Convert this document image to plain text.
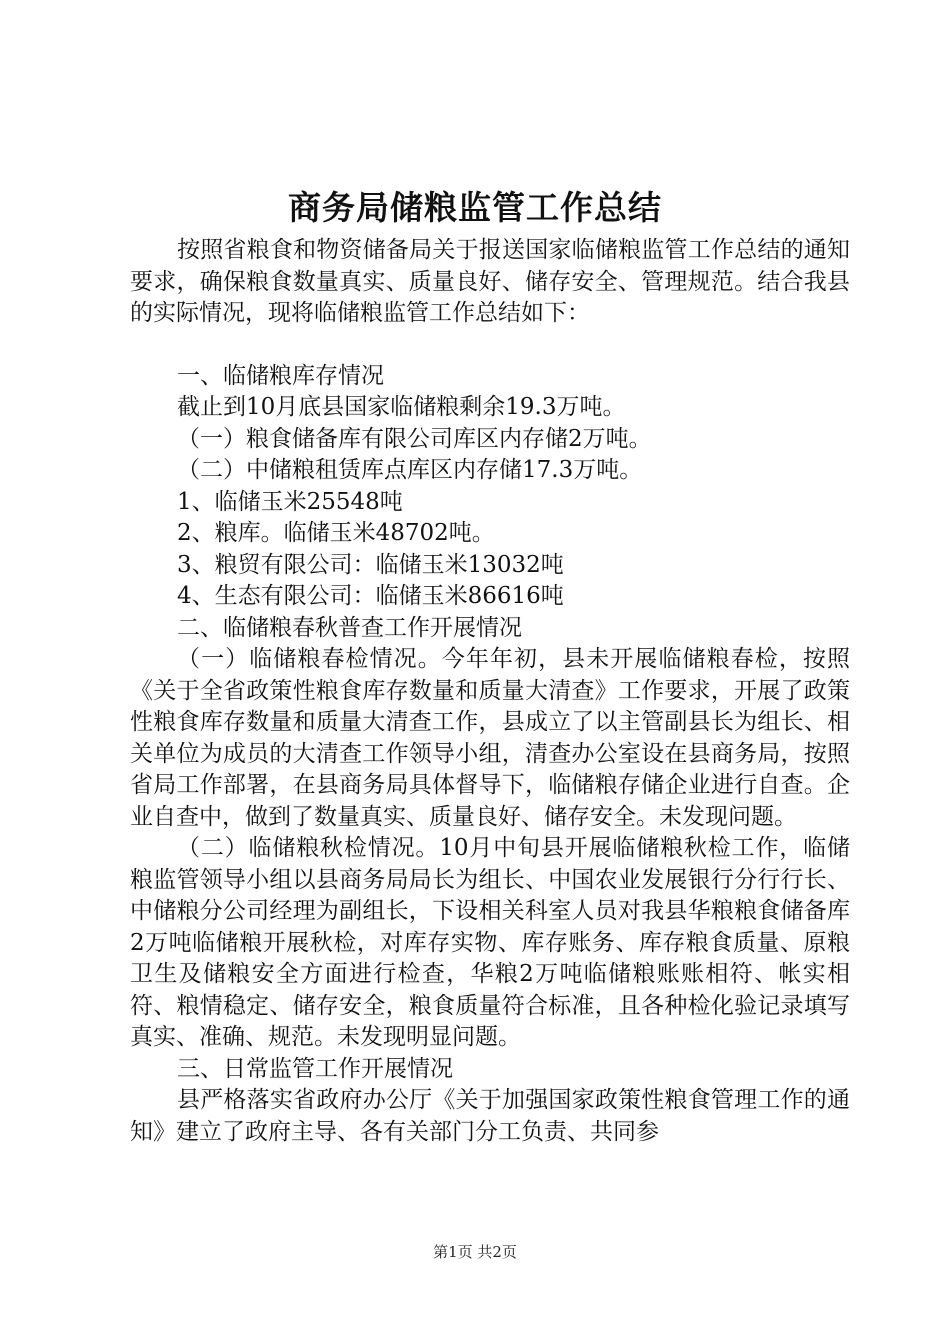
商务局储粮监管工作总结

按照省粮食和物资储备局关于报送国家临储粮监管工作总结的通知要求，确保粮食数量真实、质量良好、储存安全、管理规范。结合我县的实际情况，现将临储粮监管工作总结如下：

一、临储粮库存情况

截止到10月底县国家临储粮剩余19.3万吨。

（一）粮食储备库有限公司库区内存储2万吨。

（二）中储粮租赁库点库区内存储17.3万吨。

1、临储玉米25548吨

2、粮库。临储玉米48702吨。

3、粮贸有限公司：临储玉米13032吨

4、生态有限公司：临储玉米86616吨

二、临储粮春秋普查工作开展情况

（一）临储粮春检情况。今年年初，县未开展临储粮春检，按照《关于全省政策性粮食库存数量和质量大清查》工作要求，开展了政策性粮食库存数量和质量大清查工作，县成立了以主管副县长为组长、相关单位为成员的大清查工作领导小组，清查办公室设在县商务局，按照省局工作部署，在县商务局具体督导下，临储粮存储企业进行自查。企业自查中，做到了数量真实、质量良好、储存安全。未发现问题。

（二）临储粮秋检情况。10月中旬县开展临储粮秋检工作，临储粮监管领导小组以县商务局局长为组长、中国农业发展银行分行行长、中储粮分公司经理为副组长，下设相关科室人员对我县华粮粮食储备库2万吨临储粮开展秋检，对库存实物、库存账务、库存粮食质量、原粮卫生及储粮安全方面进行检查，华粮2万吨临储粮账账相符、帐实相符、粮情稳定、储存安全，粮食质量符合标准，且各种检化验记录填写真实、准确、规范。未发现明显问题。

三、日常监管工作开展情况

县严格落实省政府办公厅《关于加强国家政策性粮食管理工作的通知》建立了政府主导、各有关部门分工负责、共同参

第1页 共2页
